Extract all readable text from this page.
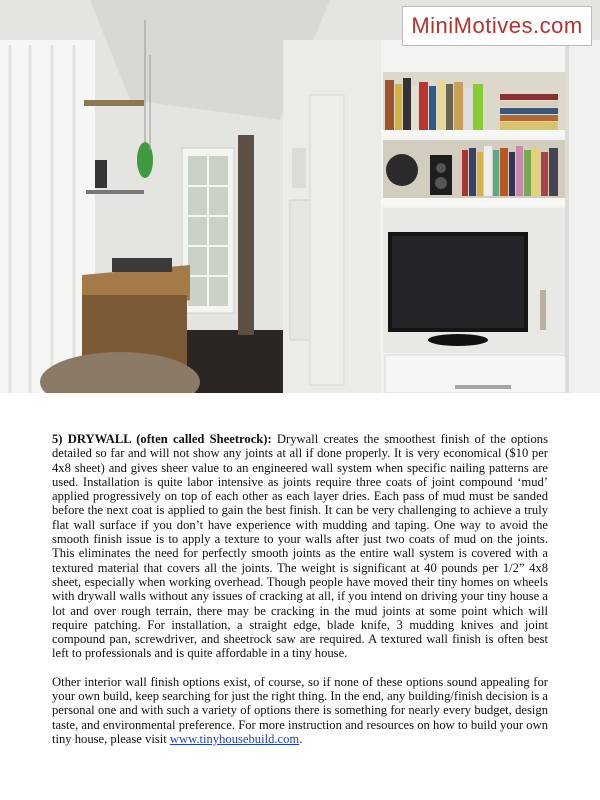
MiniMotives.com

5) DRYWALL (often called Sheetrock): Drywall creates the smoothest finish of the options detailed so far and will not show any joints at all if done properly. It is very economical ($10 per 4x8 sheet) and gives sheer value to an engineered wall system when specific nailing patterns are used. Installation is quite labor intensive as joints require three coats of joint compound ‘mud’ applied progressively on top of each other as each layer dries. Each pass of mud must be sanded before the next coat is applied to gain the best finish. It can be very challenging to achieve a truly flat wall surface if you don’t have experience with mudding and taping. One way to avoid the smooth finish issue is to apply a texture to your walls after just two coats of mud on the joints. This eliminates the need for perfectly smooth joints as the entire wall system is covered with a textured material that covers all the joints. The weight is significant at 40 pounds per 1/2” 4x8 sheet, especially when working overhead. Though people have moved their tiny homes on wheels with drywall walls without any issues of cracking at all, if you intend on driving your tiny house a lot and over rough terrain, there may be cracking in the mud joints at some point which will require patching. For installation, a straight edge, blade knife, 3 mudding knives and joint compound pan, screwdriver, and sheetrock saw are required. A textured wall finish is often best left to professionals and is quite affordable in a tiny house.

Other interior wall finish options exist, of course, so if none of these options sound appealing for your own build, keep searching for just the right thing. In the end, any building/finish decision is a personal one and with such a variety of options there is something for nearly every budget, design taste, and environmental preference. For more instruction and resources on how to build your own tiny house, please visit www.tinyhousebuild.com.
